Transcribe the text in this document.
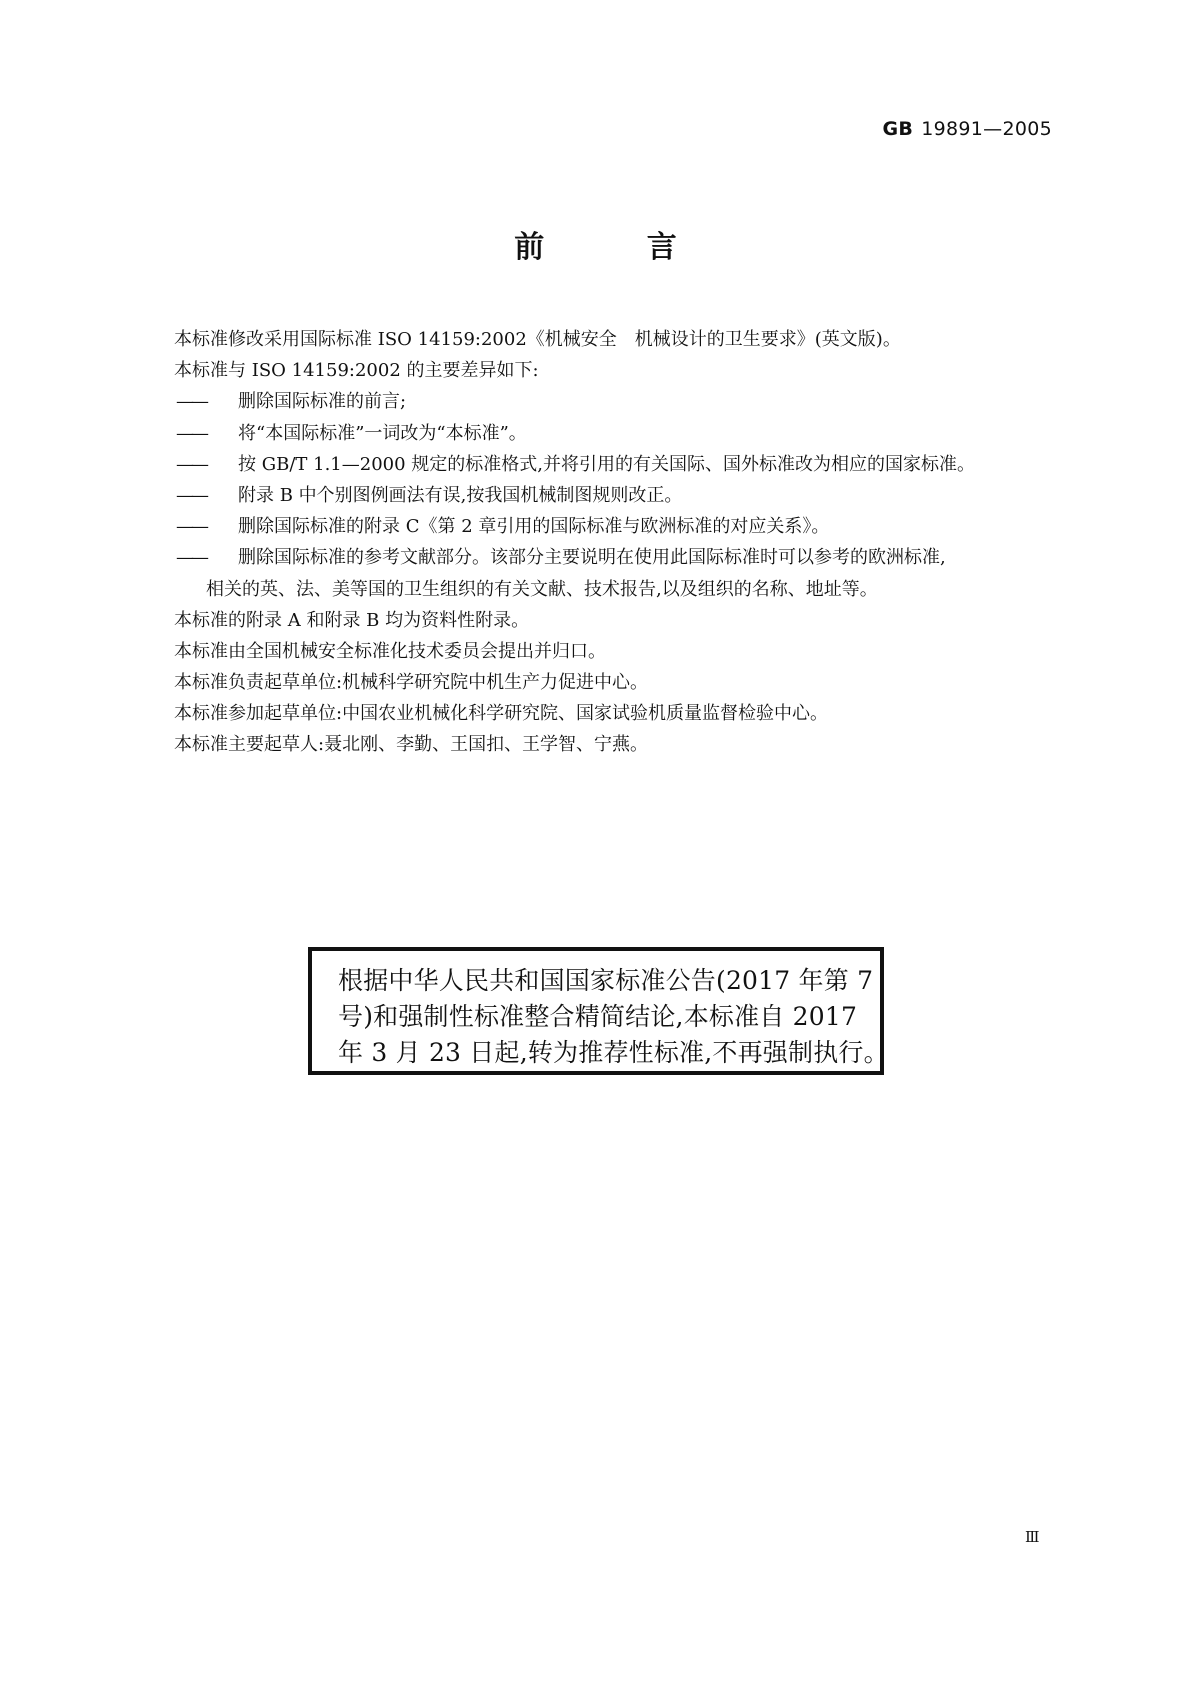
GB 19891—2005
前 言
本标准修改采用国际标准 ISO 14159:2002《机械安全　机械设计的卫生要求》(英文版)。
本标准与 ISO 14159:2002 的主要差异如下:
—— 删除国际标准的前言;
—— 将“本国际标准”一词改为“本标准”。
—— 按 GB/T 1.1—2000 规定的标准格式,并将引用的有关国际、国外标准改为相应的国家标准。
—— 附录 B 中个别图例画法有误,按我国机械制图规则改正。
—— 删除国际标准的附录 C《第 2 章引用的国际标准与欧洲标准的对应关系》。
—— 删除国际标准的参考文献部分。该部分主要说明在使用此国际标准时可以参考的欧洲标准,
相关的英、法、美等国的卫生组织的有关文献、技术报告,以及组织的名称、地址等。
本标准的附录 A 和附录 B 均为资料性附录。
本标准由全国机械安全标准化技术委员会提出并归口。
本标准负责起草单位:机械科学研究院中机生产力促进中心。
本标准参加起草单位:中国农业机械化科学研究院、国家试验机质量监督检验中心。
本标准主要起草人:聂北刚、李勤、王国扣、王学智、宁燕。
根据中华人民共和国国家标准公告(2017 年第 7
号)和强制性标准整合精简结论,本标准自 2017
年 3 月 23 日起,转为推荐性标准,不再强制执行。
Ⅲ
